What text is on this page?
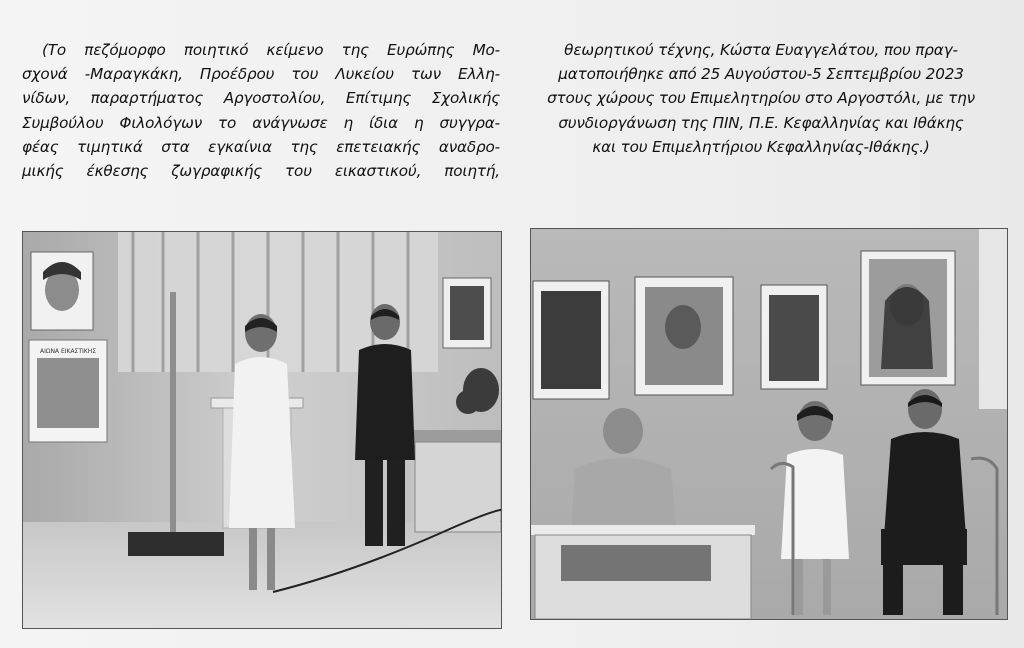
(Το πεζόμορφο ποιητικό κείμενο της Ευρώπης Μο-
σχονά -Μαραγκάκη, Προέδρου του Λυκείου των Ελλη-
νίδων, παραρτήματος Αργοστολίου, Επίτιμης Σχολικής
Συμβούλου Φιλολόγων το ανάγνωσε η ίδια η συγγρα-
φέας τιμητικά στα εγκαίνια της επετειακής αναδρο-
μικής έκθεσης ζωγραφικής του εικαστικού, ποιητή,
θεωρητικού τέχνης, Κώστα Ευαγγελάτου, που πραγ-
ματοποιήθηκε από 25 Αυγούστου-5 Σεπτεμβρίου 2023
στους χώρους του Επιμελητηρίου στο Αργοστόλι, με την
συνδιοργάνωση της ΠΙΝ, Π.Ε. Κεφαλληνίας και Ιθάκης
και του Επιμελητήριου Κεφαλληνίας-Ιθάκης.)
ΑΙΩΝΑ ΕΙΚΑΣΤΙΚΗΣ
